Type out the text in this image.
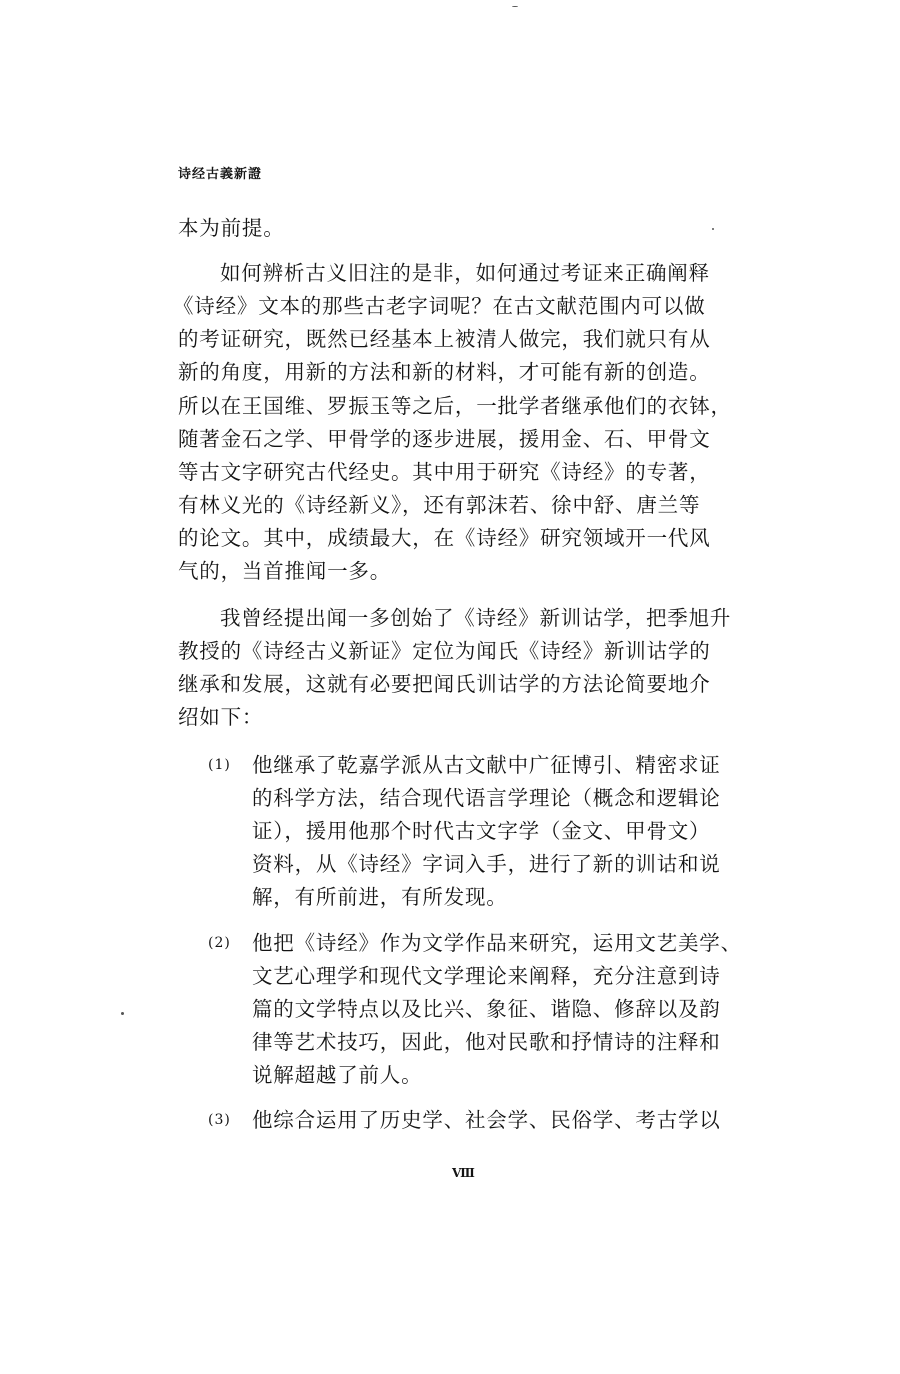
诗经古義新證
本为前提。
如何辨析古义旧注的是非，如何通过考证来正确阐释
《诗经》文本的那些古老字词呢？在古文献范围内可以做
的考证研究，既然已经基本上被清人做完，我们就只有从
新的角度，用新的方法和新的材料，才可能有新的创造。
所以在王国维、罗振玉等之后，一批学者继承他们的衣钵，
随著金石之学、甲骨学的逐步进展，援用金、石、甲骨文
等古文字研究古代经史。其中用于研究《诗经》的专著，
有林义光的《诗经新义》，还有郭沫若、徐中舒、唐兰等
的论文。其中，成绩最大，在《诗经》研究领域开一代风
气的，当首推闻一多。
我曾经提出闻一多创始了《诗经》新训诂学，把季旭升
教授的《诗经古义新证》定位为闻氏《诗经》新训诂学的
继承和发展，这就有必要把闻氏训诂学的方法论简要地介
绍如下：
(1) 他继承了乾嘉学派从古文献中广征博引、精密求证
的科学方法，结合现代语言学理论（概念和逻辑论
证），援用他那个时代古文字学（金文、甲骨文）
资料，从《诗经》字词入手，进行了新的训诂和说
解，有所前进，有所发现。
(2) 他把《诗经》作为文学作品来研究，运用文艺美学、
文艺心理学和现代文学理论来阐释，充分注意到诗
篇的文学特点以及比兴、象征、谐隐、修辞以及韵
律等艺术技巧，因此，他对民歌和抒情诗的注释和
说解超越了前人。
(3) 他综合运用了历史学、社会学、民俗学、考古学以
Ⅷ
